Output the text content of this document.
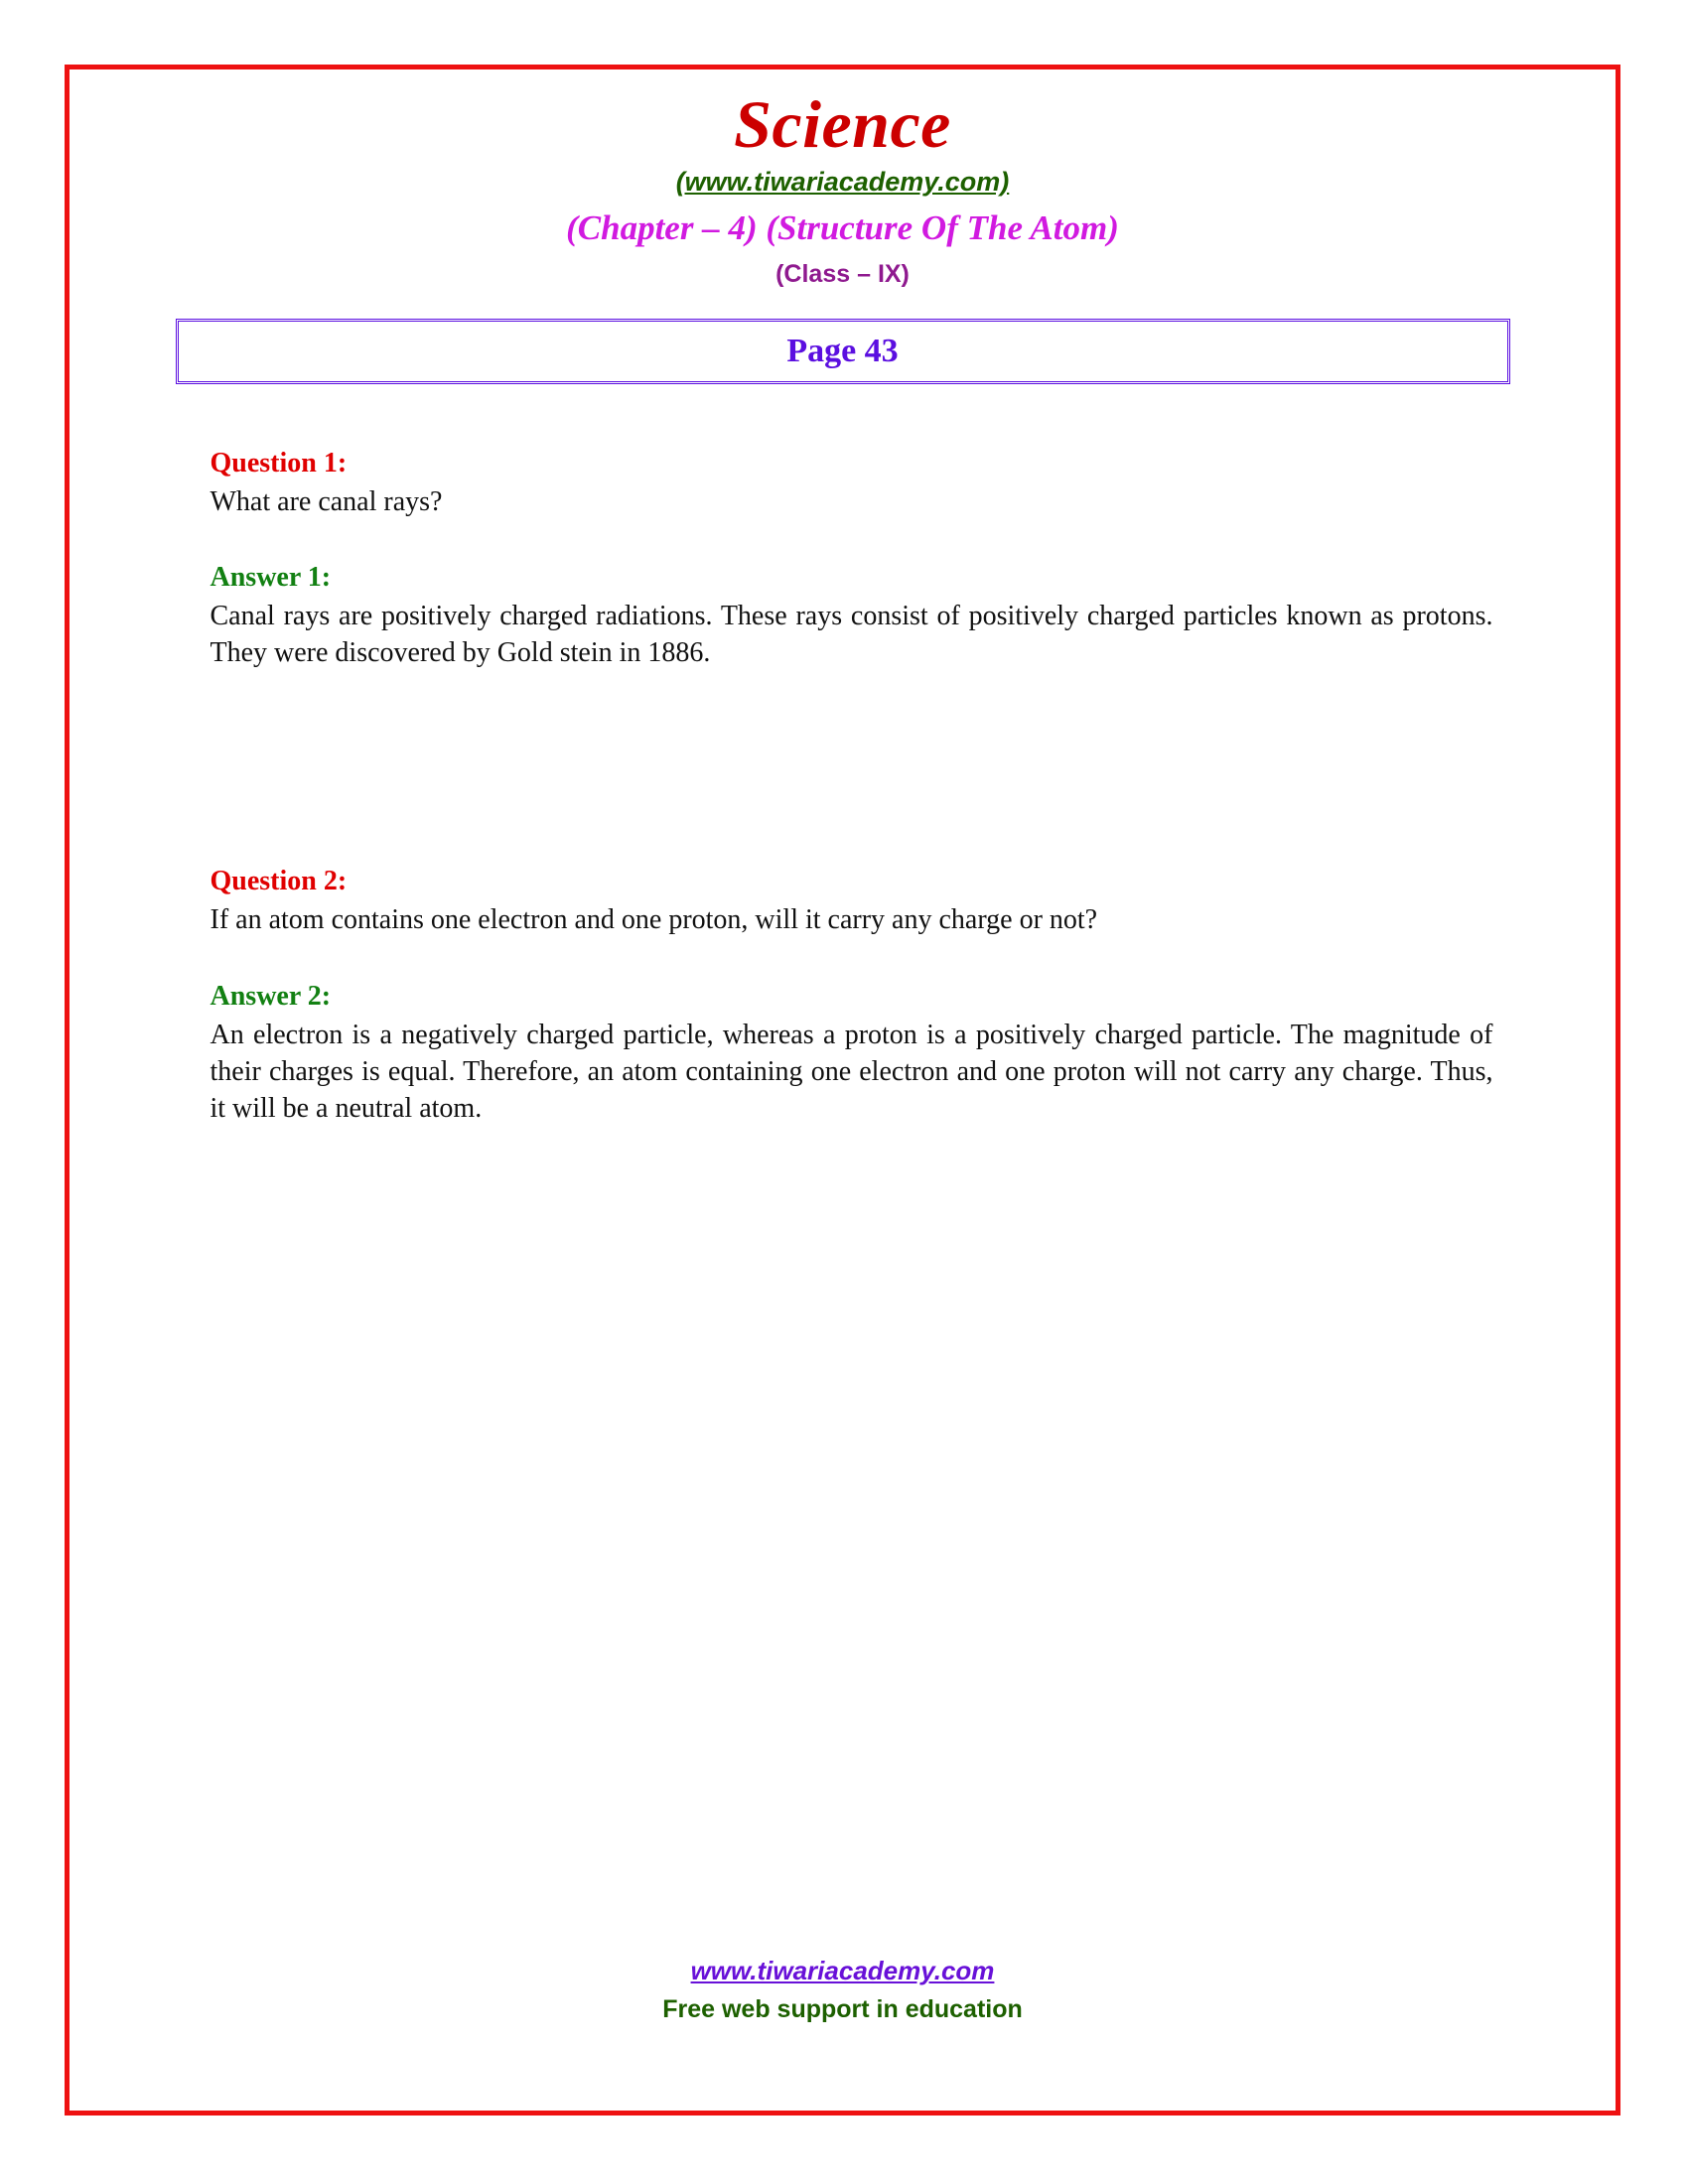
Science
(www.tiwariacademy.com)
(Chapter – 4) (Structure Of The Atom)
(Class – IX)
Page 43
Question 1:
What are canal rays?
Answer 1:
Canal rays are positively charged radiations. These rays consist of positively charged particles known as protons. They were discovered by Gold stein in 1886.
Question 2:
If an atom contains one electron and one proton, will it carry any charge or not?
Answer 2:
An electron is a negatively charged particle, whereas a proton is a positively charged particle. The magnitude of their charges is equal. Therefore, an atom containing one electron and one proton will not carry any charge. Thus, it will be a neutral atom.
www.tiwariacademy.com
Free web support in education
